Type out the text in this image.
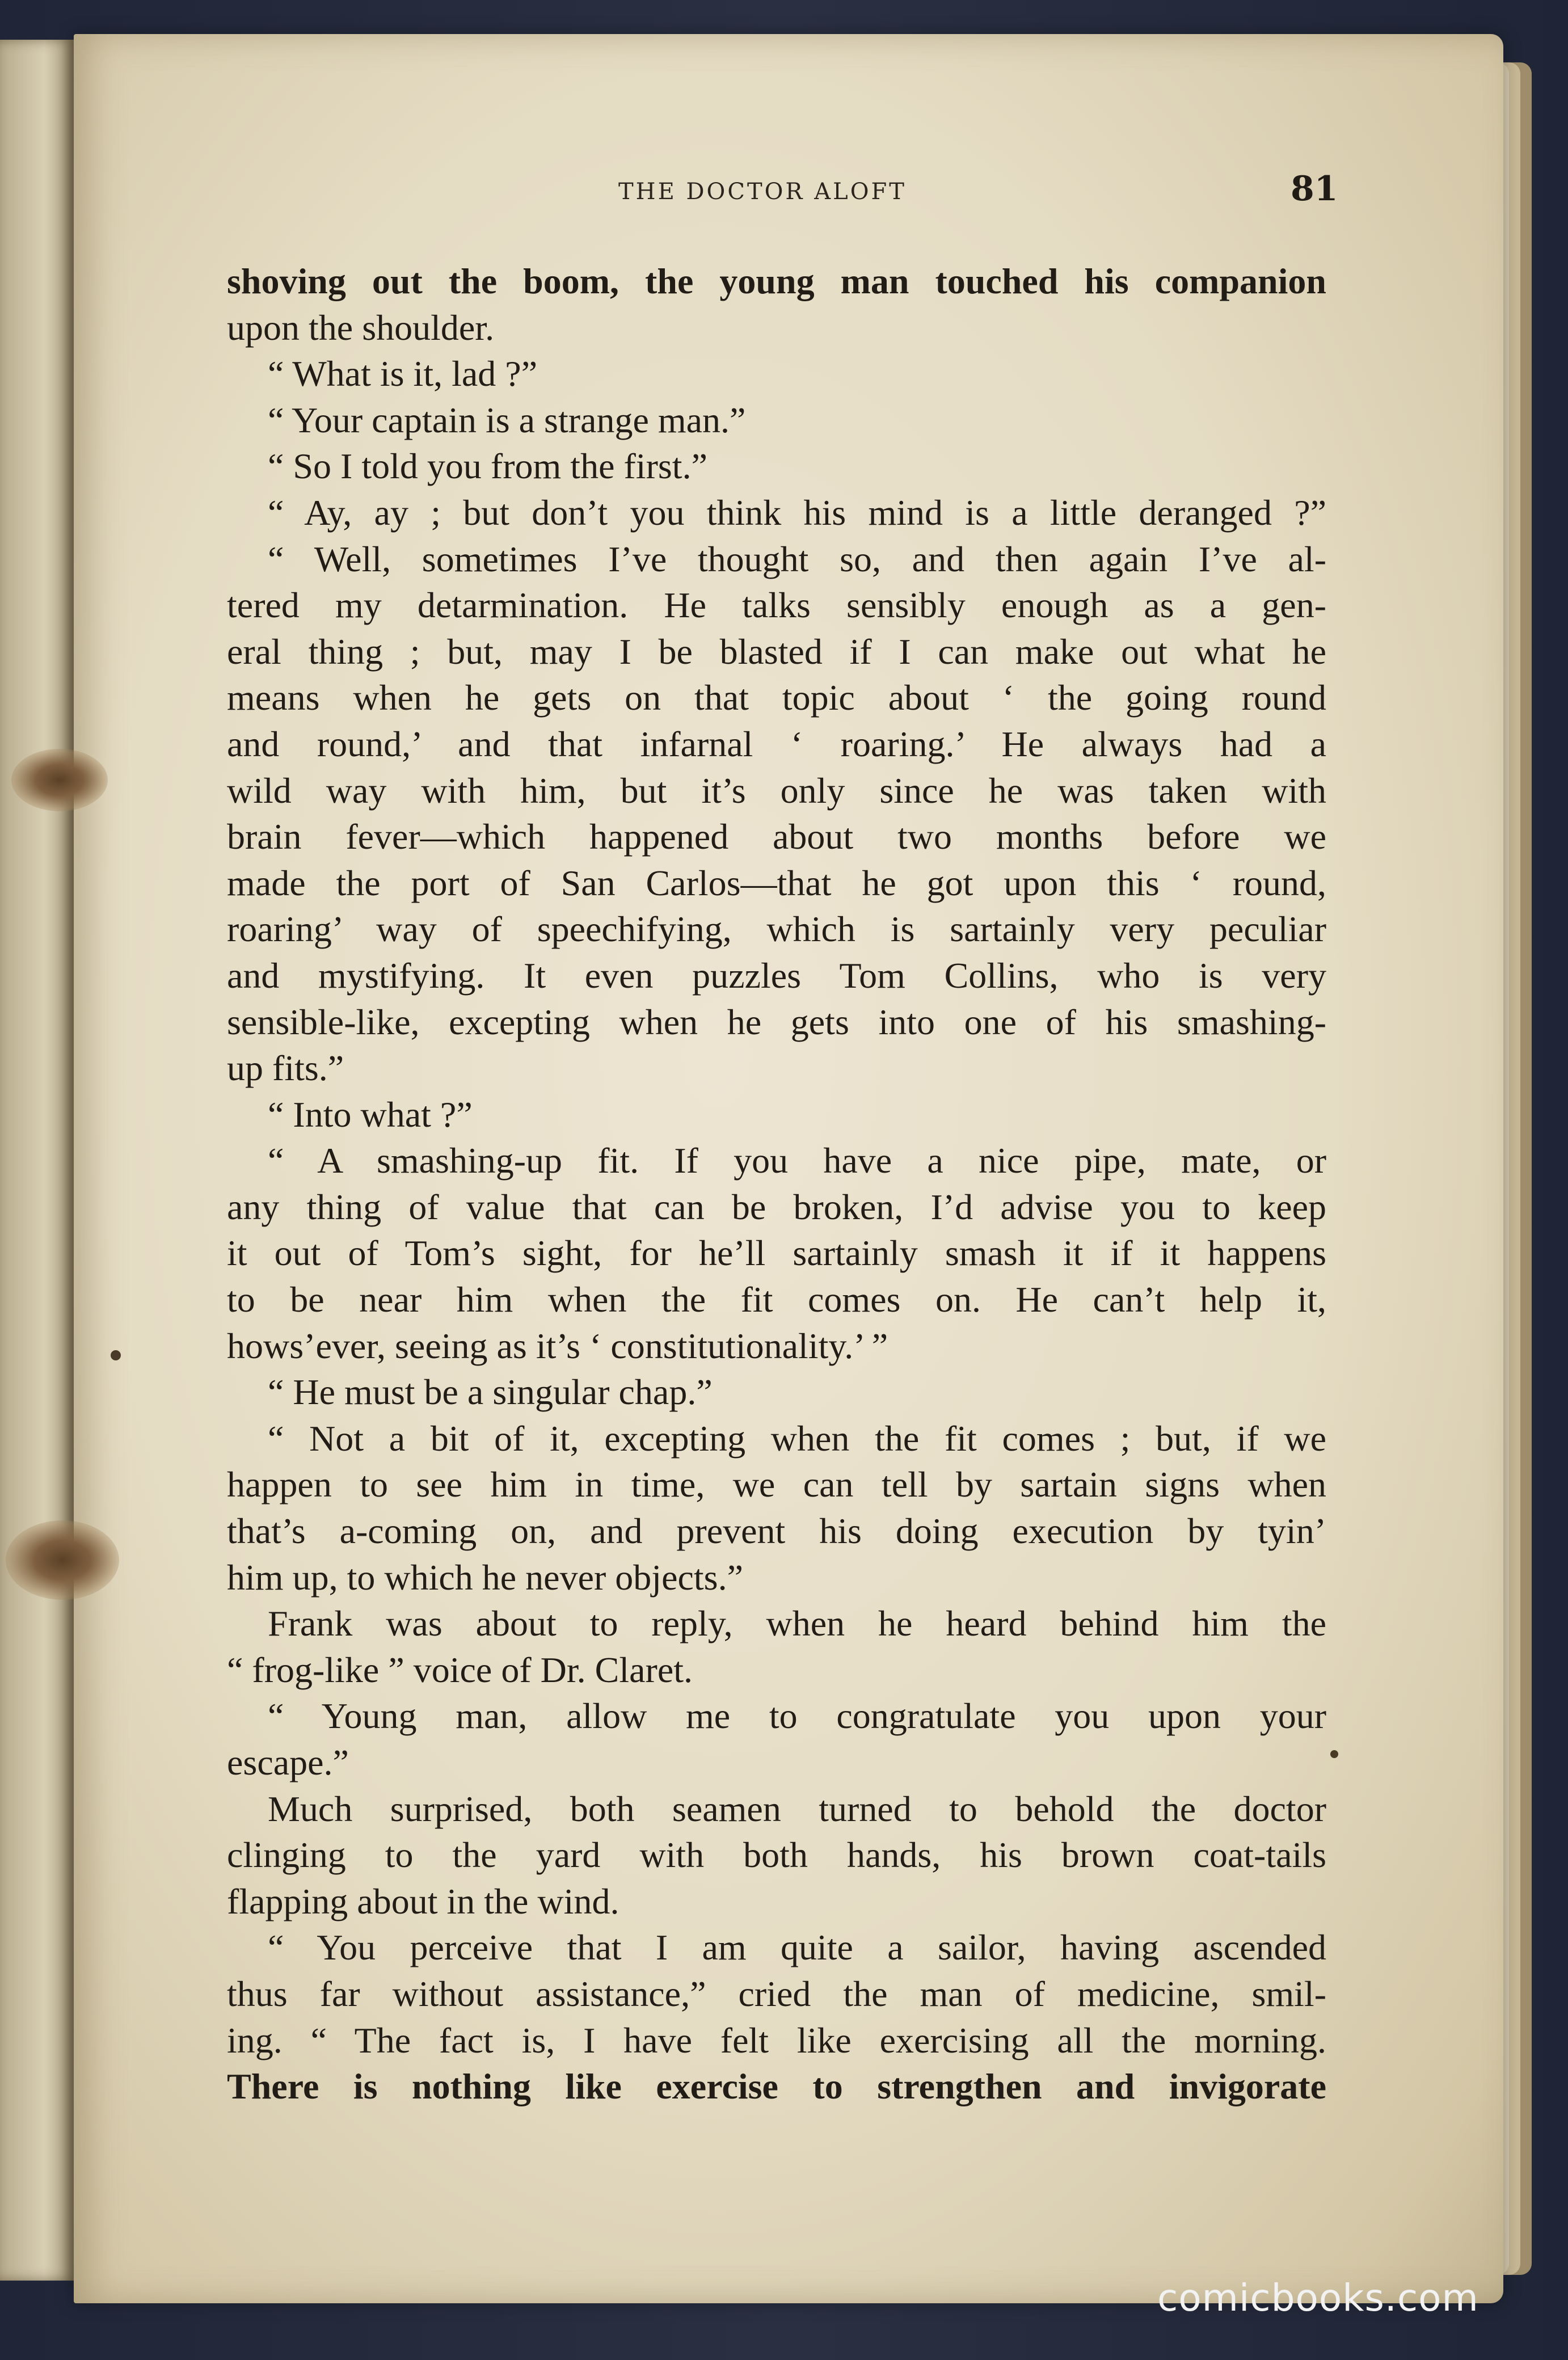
THE DOCTOR ALOFT	81
shoving out the boom, the young man touched his companion
upon the shoulder.
“ What is it, lad ?”
“ Your captain is a strange man.”
“ So I told you from the first.”
“ Ay, ay ; but don’t you think his mind is a little deranged ?”
“ Well, sometimes I’ve thought so, and then again I’ve al-
tered my detarmination. He talks sensibly enough as a gen-
eral thing ; but, may I be blasted if I can make out what he
means when he gets on that topic about ‘ the going round
and round,’ and that infarnal ‘ roaring.’ He always had a
wild way with him, but it’s only since he was taken with
brain fever—which happened about two months before we
made the port of San Carlos—that he got upon this ‘ round,
roaring’ way of speechifying, which is sartainly very peculiar
and mystifying. It even puzzles Tom Collins, who is very
sensible-like, excepting when he gets into one of his smashing-
up fits.”
“ Into what ?”
“ A smashing-up fit. If you have a nice pipe, mate, or
any thing of value that can be broken, I’d advise you to keep
it out of Tom’s sight, for he’ll sartainly smash it if it happens
to be near him when the fit comes on. He can’t help it,
hows’ever, seeing as it’s ‘ constitutionality.’ ”
“ He must be a singular chap.”
“ Not a bit of it, excepting when the fit comes ; but, if we
happen to see him in time, we can tell by sartain signs when
that’s a-coming on, and prevent his doing execution by tyin’
him up, to which he never objects.”
Frank was about to reply, when he heard behind him the
“ frog-like ” voice of Dr. Claret.
“ Young man, allow me to congratulate you upon your
escape.”
Much surprised, both seamen turned to behold the doctor
clinging to the yard with both hands, his brown coat-tails
flapping about in the wind.
“ You perceive that I am quite a sailor, having ascended
thus far without assistance,” cried the man of medicine, smil-
ing. “ The fact is, I have felt like exercising all the morning.
There is nothing like exercise to strengthen and invigorate
comicbooks.com
